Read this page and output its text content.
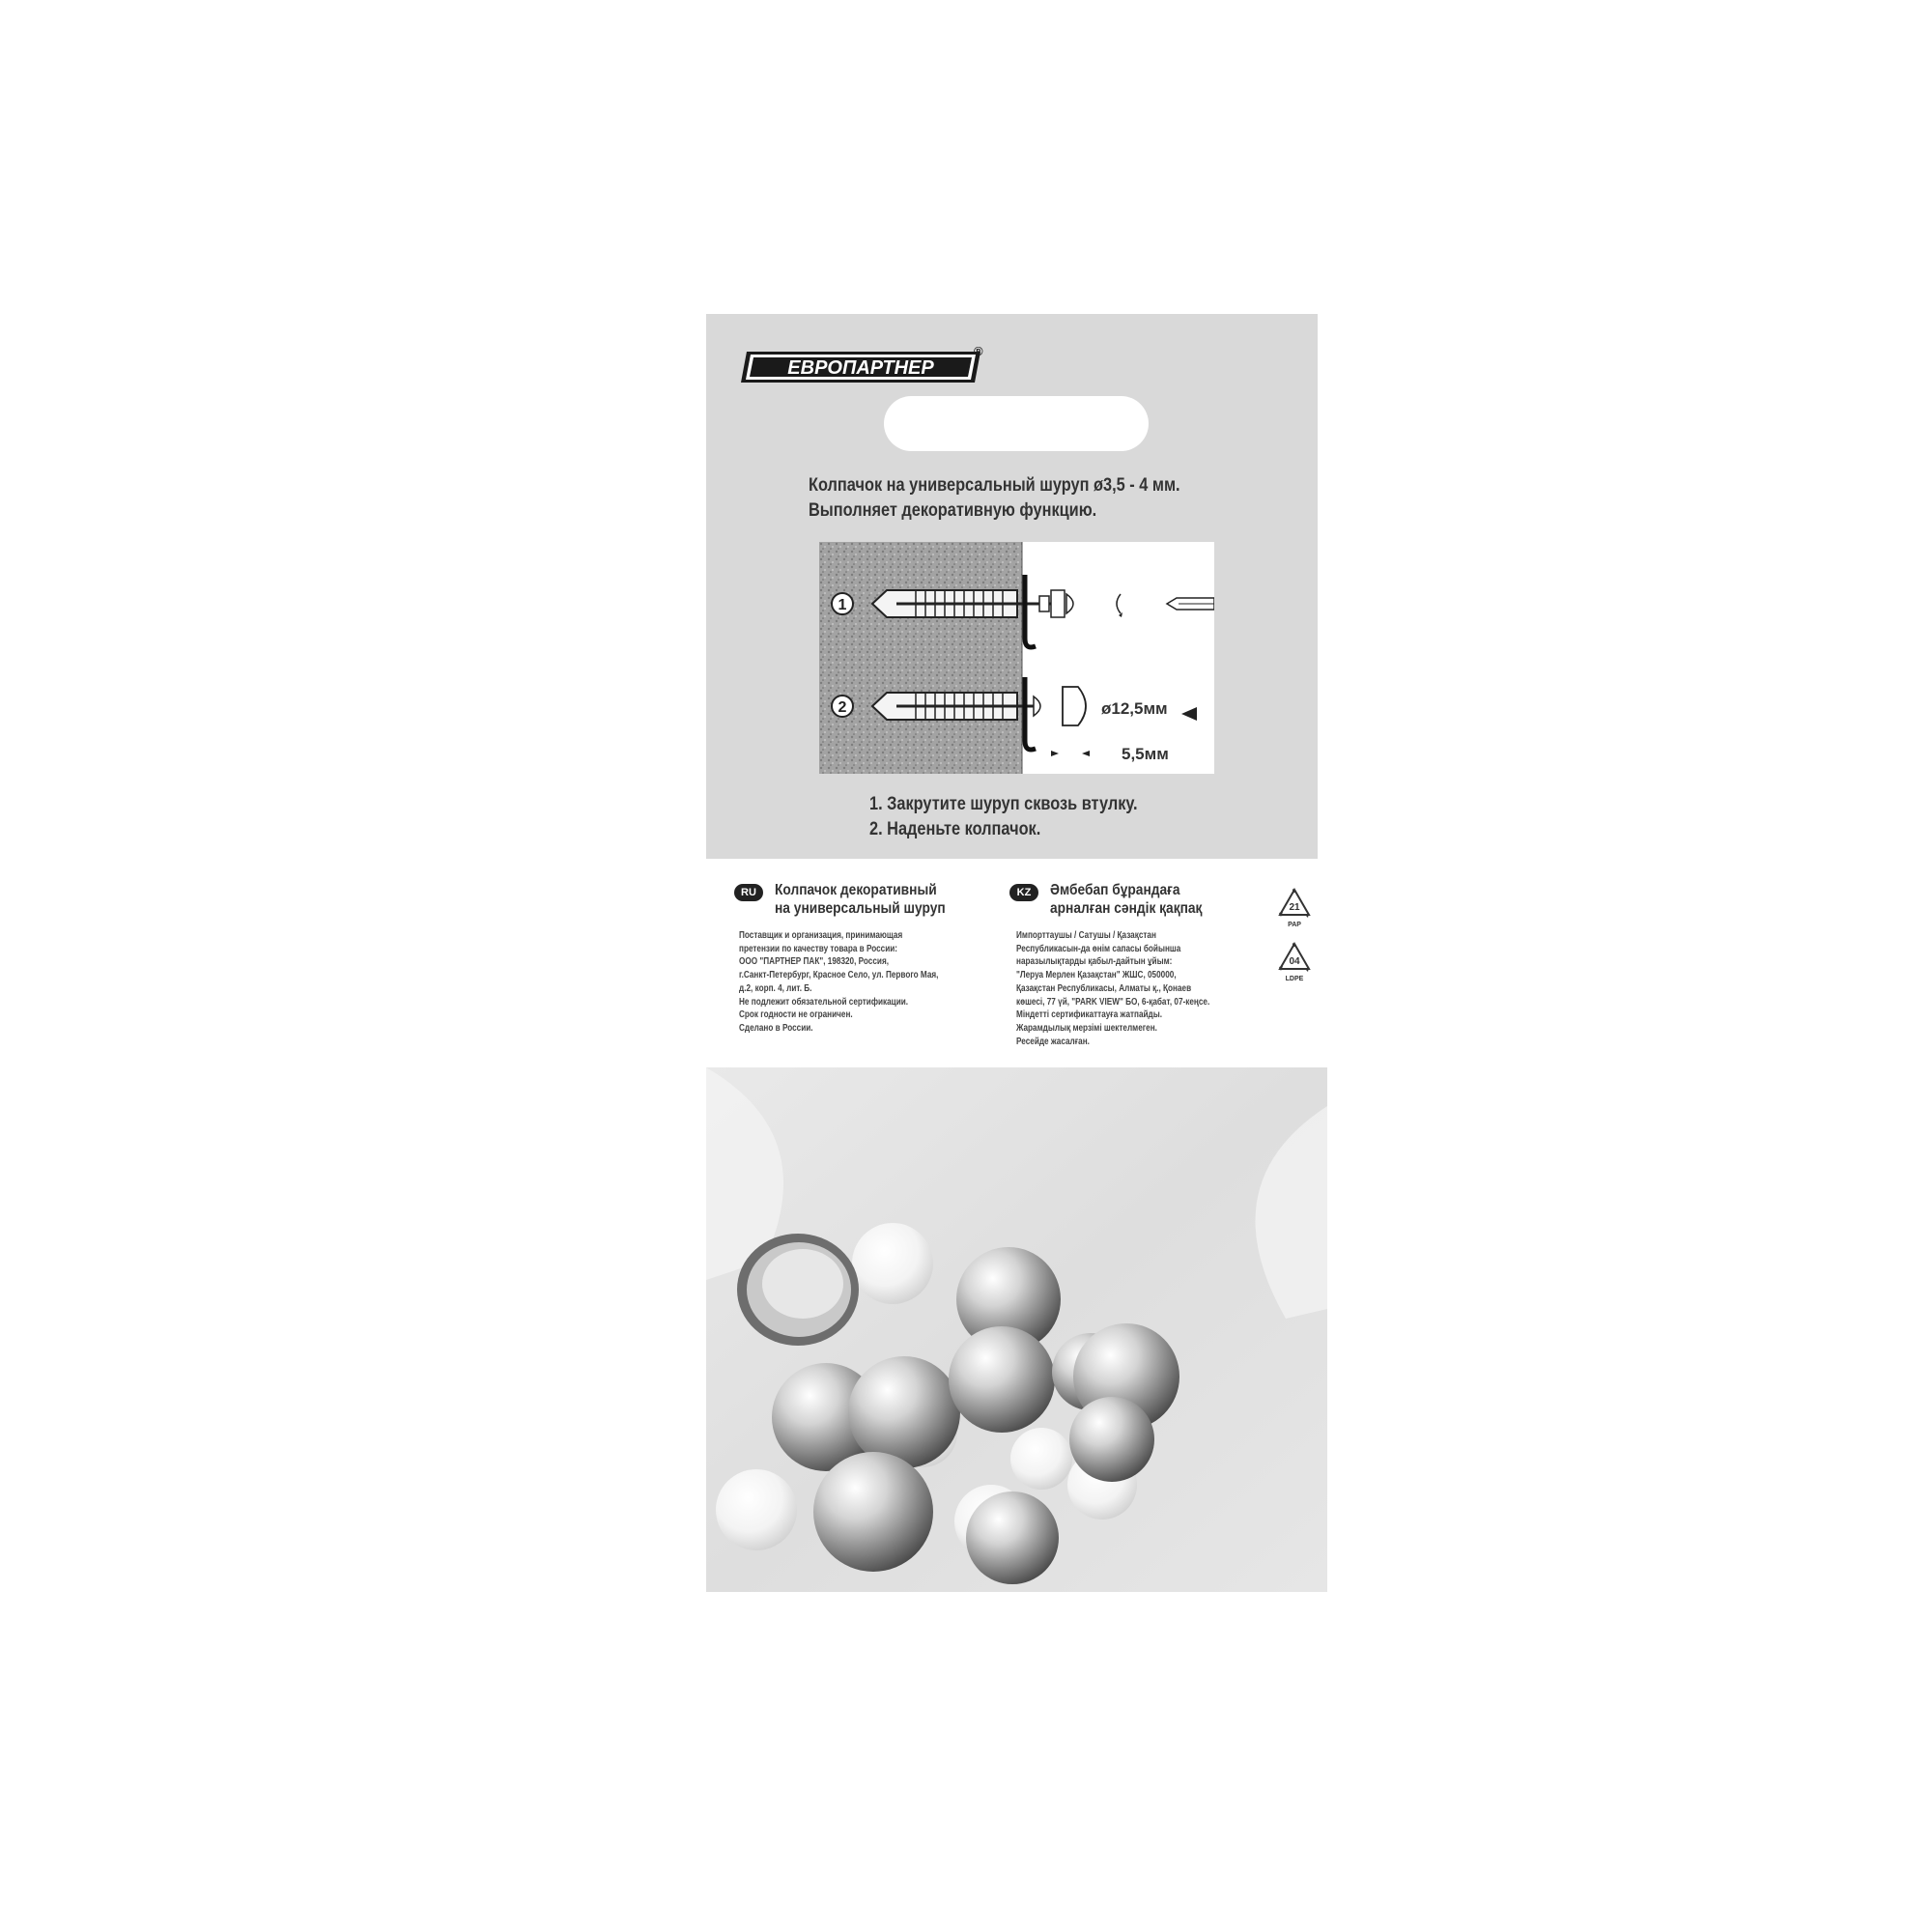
ЕВРОПАРТНЕР
®
Колпачок на универсальный шуруп ø3,5 - 4 мм.
Выполняет декоративную функцию.
1
2	ø12,5мм
5,5мм
1. Закрутите шуруп сквозь втулку.
2. Наденьте колпачок.
RU	Колпачок декоративный
на универсальный шуруп
Поставщик и организация, принимающая
претензии по качеству товара в России:
ООО "ПАРТНЕР ПАК", 198320, Россия,
г.Санкт-Петербург, Красное Село, ул. Первого Мая,
д.2, корп. 4, лит. Б.
Не подлежит обязательной сертификации.
Срок годности не ограничен.
Сделано в России.
KZ	Әмбебап бұрандаға
арналған сәндік қақпақ
Импорттаушы / Сатушы / Қазақстан
Республикасын-да өнім сапасы бойынша
наразылықтарды қабыл-дайтын ұйым:
"Леруа Мерлен Қазақстан" ЖШС, 050000,
Қазақстан Республикасы, Алматы қ., Қонаев
көшесі, 77 үй, "PARK VIEW" БО, 6-қабат, 07-кеңсе.
Міндетті сертификаттауға жатпайды.
Жарамдылық мерзімі шектелмеген.
Ресейде жасалған.
21
PAP
04
LDPE
